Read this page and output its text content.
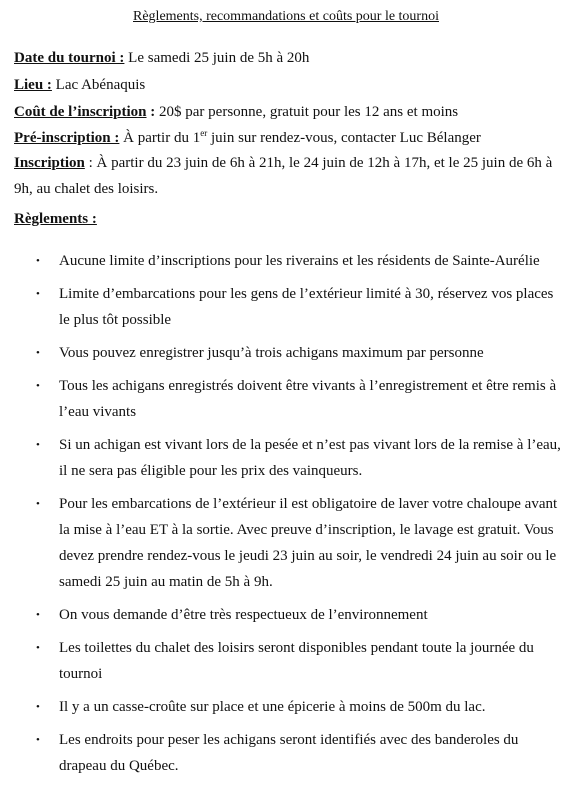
Règlements, recommandations et coûts pour le tournoi

Date du tournoi : Le samedi 25 juin de 5h à 20h

Lieu : Lac Abénaquis

Coût de l’inscription : 20$ par personne, gratuit pour les 12 ans et moins

Pré-inscription : À partir du 1er juin sur rendez-vous, contacter Luc Bélanger

Inscription : À partir du 23 juin de 6h à 21h, le 24 juin de 12h à 17h, et le 25 juin de 6h à 9h, au chalet des loisirs.

Règlements :

• Aucune limite d’inscriptions pour les riverains et les résidents de Sainte-Aurélie
• Limite d’embarcations pour les gens de l’extérieur limité à 30, réservez vos places le plus tôt possible
• Vous pouvez enregistrer jusqu’à trois achigans maximum par personne
• Tous les achigans enregistrés doivent être vivants à l’enregistrement et être remis à l’eau vivants
• Si un achigan est vivant lors de la pesée et n’est pas vivant lors de la remise à l’eau, il ne sera pas éligible pour les prix des vainqueurs.
• Pour les embarcations de l’extérieur il est obligatoire de laver votre chaloupe avant la mise à l’eau ET à la sortie. Avec preuve d’inscription, le lavage est gratuit. Vous devez prendre rendez-vous le jeudi 23 juin au soir, le vendredi 24 juin au soir ou le samedi 25 juin au matin de 5h à 9h.
• On vous demande d’être très respectueux de l’environnement
• Les toilettes du chalet des loisirs seront disponibles pendant toute la journée du tournoi
• Il y a un casse-croûte sur place et une épicerie à moins de 500m du lac.
• Les endroits pour peser les achigans seront identifiés avec des banderoles du drapeau du Québec.
